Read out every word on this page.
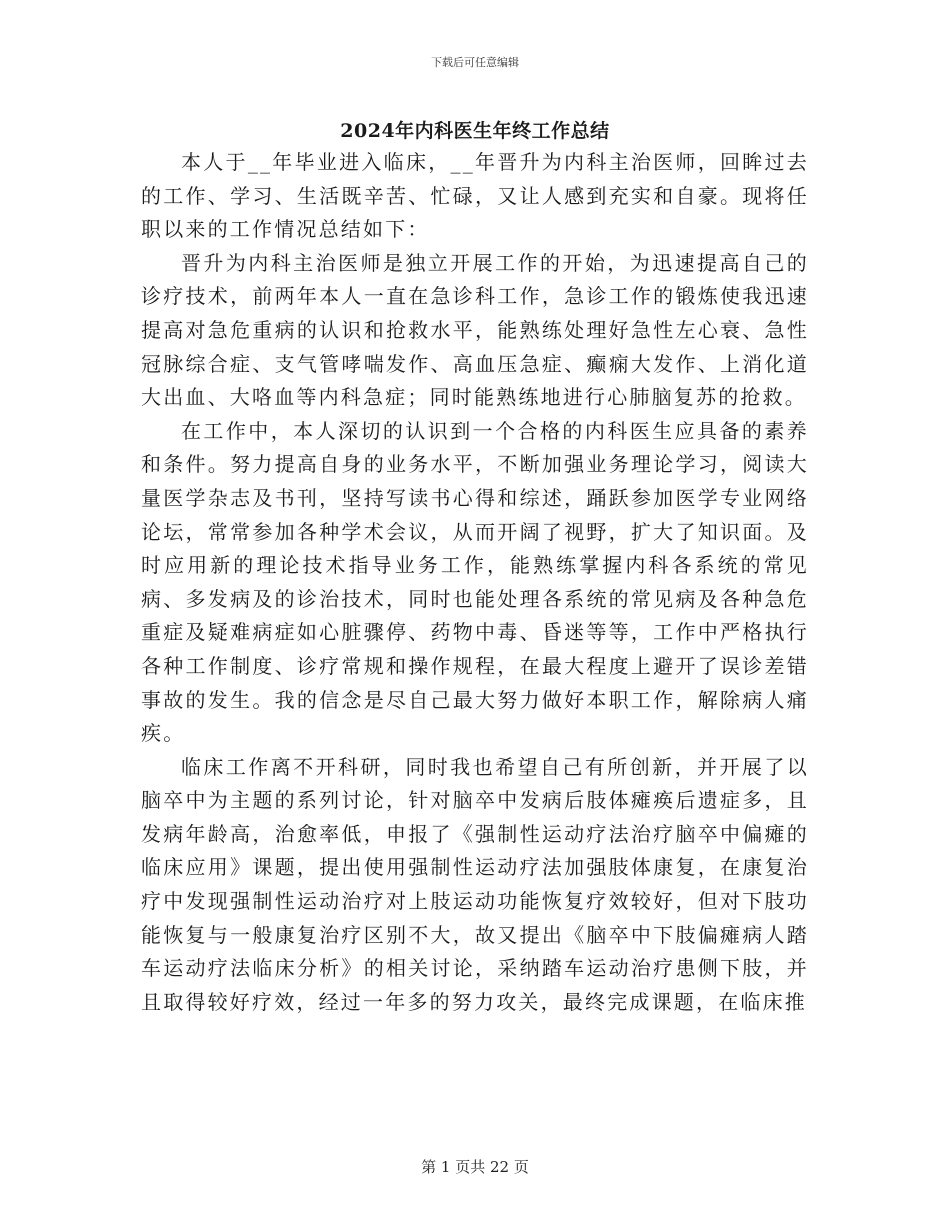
下载后可任意编辑
2024年内科医生年终工作总结

本人于__年毕业进入临床，__年晋升为内科主治医师，回眸过去的工作、学习、生活既辛苦、忙碌，又让人感到充实和自豪。现将任职以来的工作情况总结如下：

晋升为内科主治医师是独立开展工作的开始，为迅速提高自己的诊疗技术，前两年本人一直在急诊科工作，急诊工作的锻炼使我迅速提高对急危重病的认识和抢救水平，能熟练处理好急性左心衰、急性冠脉综合症、支气管哮喘发作、高血压急症、癫痫大发作、上消化道大出血、大咯血等内科急症；同时能熟练地进行心肺脑复苏的抢救。

在工作中，本人深切的认识到一个合格的内科医生应具备的素养和条件。努力提高自身的业务水平，不断加强业务理论学习，阅读大量医学杂志及书刊，坚持写读书心得和综述，踊跃参加医学专业网络论坛，常常参加各种学术会议，从而开阔了视野，扩大了知识面。及时应用新的理论技术指导业务工作，能熟练掌握内科各系统的常见病、多发病及的诊治技术，同时也能处理各系统的常见病及各种急危重症及疑难病症如心脏骤停、药物中毒、昏迷等等，工作中严格执行各种工作制度、诊疗常规和操作规程，在最大程度上避开了误诊差错事故的发生。我的信念是尽自己最大努力做好本职工作，解除病人痛疾。

临床工作离不开科研，同时我也希望自己有所创新，并开展了以脑卒中为主题的系列讨论，针对脑卒中发病后肢体瘫痪后遗症多，且发病年龄高，治愈率低，申报了《强制性运动疗法治疗脑卒中偏瘫的临床应用》课题，提出使用强制性运动疗法加强肢体康复，在康复治疗中发现强制性运动治疗对上肢运动功能恢复疗效较好，但对下肢功能恢复与一般康复治疗区别不大，故又提出《脑卒中下肢偏瘫病人踏车运动疗法临床分析》的相关讨论，采纳踏车运动治疗患侧下肢，并且取得较好疗效，经过一年多的努力攻关，最终完成课题，在临床推

第 1 页共 22 页
